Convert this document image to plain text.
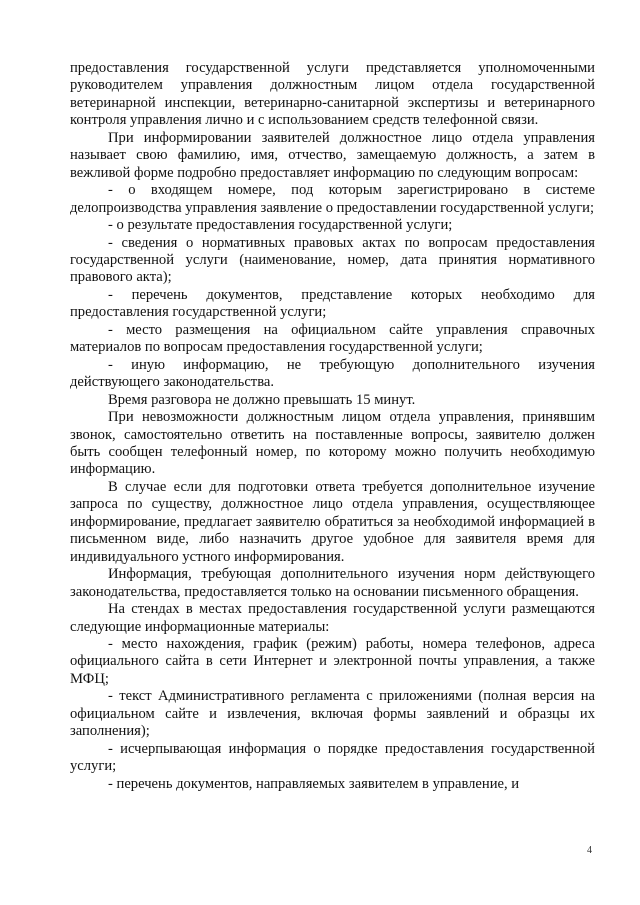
предоставления государственной услуги представляется уполномоченными руководителем управления должностным лицом отдела государственной ветеринарной инспекции, ветеринарно-санитарной экспертизы и ветеринарного контроля управления лично и с использованием средств телефонной связи.

При информировании заявителей должностное лицо отдела управления называет свою фамилию, имя, отчество, замещаемую должность, а затем в вежливой форме подробно предоставляет информацию по следующим вопросам:

- о входящем номере, под которым зарегистрировано в системе делопроизводства управления заявление о предоставлении государственной услуги;

- о результате предоставления государственной услуги;

- сведения о нормативных правовых актах по вопросам предоставления государственной услуги (наименование, номер, дата принятия нормативного правового акта);

- перечень документов, представление которых необходимо для предоставления государственной услуги;

- место размещения на официальном сайте управления справочных материалов по вопросам предоставления государственной услуги;

- иную информацию, не требующую дополнительного изучения действующего законодательства.

Время разговора не должно превышать 15 минут.

При невозможности должностным лицом отдела управления, принявшим звонок, самостоятельно ответить на поставленные вопросы, заявителю должен быть сообщен телефонный номер, по которому можно получить необходимую информацию.

В случае если для подготовки ответа требуется дополнительное изучение запроса по существу, должностное лицо отдела управления, осуществляющее информирование, предлагает заявителю обратиться за необходимой информацией в письменном виде, либо назначить другое удобное для заявителя время для индивидуального устного информирования.

Информация, требующая дополнительного изучения норм действующего законодательства, предоставляется только на основании письменного обращения.

На стендах в местах предоставления государственной услуги размещаются следующие информационные материалы:

- место нахождения, график (режим) работы, номера телефонов, адреса официального сайта в сети Интернет и электронной почты управления, а также МФЦ;

- текст Административного регламента с приложениями (полная версия на официальном сайте и извлечения, включая формы заявлений и образцы их заполнения);

- исчерпывающая информация о порядке предоставления государственной услуги;

- перечень документов, направляемых заявителем в управление, и

4
